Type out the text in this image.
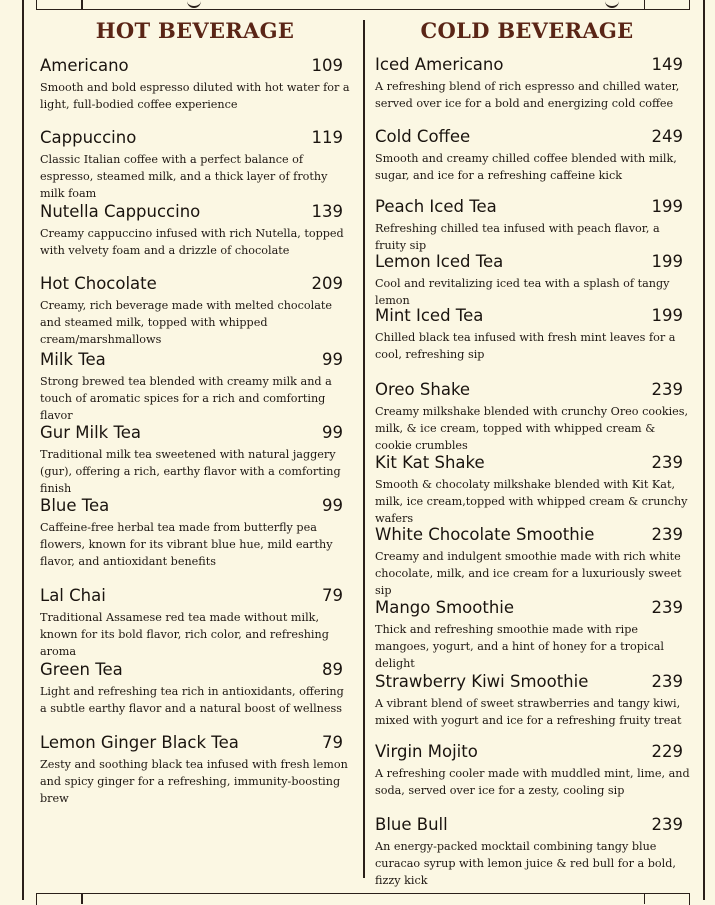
HOT BEVERAGE	COLD BEVERAGE
Americano	109
Smooth and bold espresso diluted with hot water for a light, full-bodied coffee experience
Cappuccino	119
Classic Italian coffee with a perfect balance of espresso, steamed milk, and a thick layer of frothy milk foam
Nutella Cappuccino	139
Creamy cappuccino infused with rich Nutella, topped with velvety foam and a drizzle of chocolate
Hot Chocolate	209
Creamy, rich beverage made with melted chocolate and steamed milk, topped with whipped cream/marshmallows
Milk Tea	99
Strong brewed tea blended with creamy milk and a touch of aromatic spices for a rich and comforting flavor
Gur Milk Tea	99
Traditional milk tea sweetened with natural jaggery (gur), offering a rich, earthy flavor with a comforting finish
Blue Tea	99
Caffeine-free herbal tea made from butterfly pea flowers, known for its vibrant blue hue, mild earthy flavor, and antioxidant benefits
Lal Chai	79
Traditional Assamese red tea made without milk, known for its bold flavor, rich color, and refreshing aroma
Green Tea	89
Light and refreshing tea rich in antioxidants, offering a subtle earthy flavor and a natural boost of wellness
Lemon Ginger Black Tea	79
Zesty and soothing black tea infused with fresh lemon and spicy ginger for a refreshing, immunity-boosting brew
Iced Americano	149
A refreshing blend of rich espresso and chilled water, served over ice for a bold and energizing cold coffee
Cold Coffee	249
Smooth and creamy chilled coffee blended with milk, sugar, and ice for a refreshing caffeine kick
Peach Iced Tea	199
Refreshing chilled tea infused with peach flavor, a fruity sip
Lemon Iced Tea	199
Cool and revitalizing iced tea with a splash of tangy lemon
Mint Iced Tea	199
Chilled black tea infused with fresh mint leaves for a cool, refreshing sip
Oreo Shake	239
Creamy milkshake blended with crunchy Oreo cookies, milk, & ice cream, topped with whipped cream & cookie crumbles
Kit Kat Shake	239
Smooth & chocolaty milkshake blended with Kit Kat, milk, ice cream,topped with whipped cream & crunchy wafers
White Chocolate Smoothie	239
Creamy and indulgent smoothie made with rich white chocolate, milk, and ice cream for a luxuriously sweet sip
Mango Smoothie	239
Thick and refreshing smoothie made with ripe mangoes, yogurt, and a hint of honey for a tropical delight
Strawberry Kiwi Smoothie	239
A vibrant blend of sweet strawberries and tangy kiwi, mixed with yogurt and ice for a refreshing fruity treat
Virgin Mojito	229
A refreshing cooler made with muddled mint, lime, and soda, served over ice for a zesty, cooling sip
Blue Bull	239
An energy-packed mocktail combining tangy blue curacao syrup with lemon juice & red bull for a bold, fizzy kick
